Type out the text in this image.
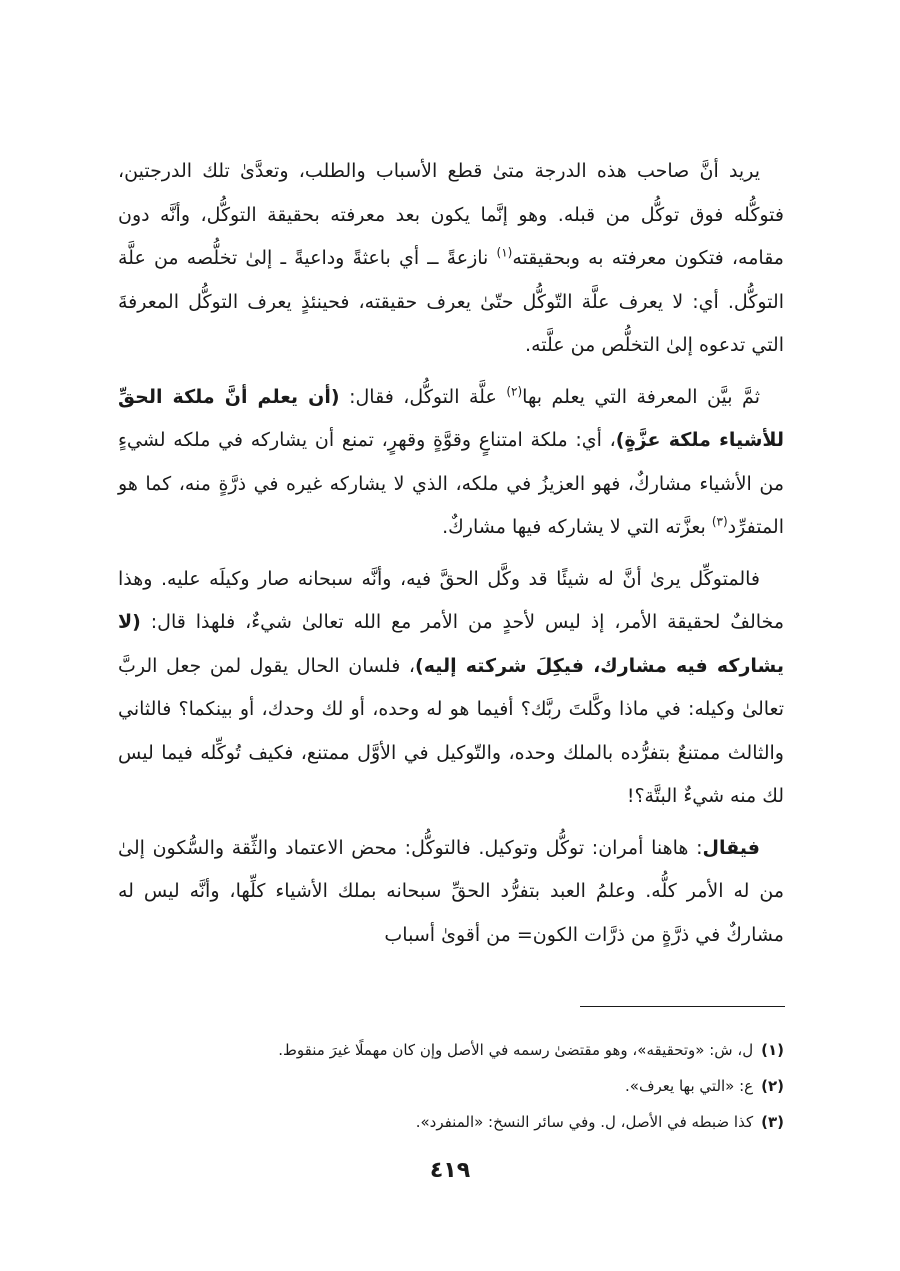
يريد أنَّ صاحب هذه الدرجة متىٰ قطع الأسباب والطلب، وتعدَّىٰ تلك الدرجتين، فتوكُّله فوق توكُّل من قبله. وهو إنَّما يكون بعد معرفته بحقيقة التوكُّل، وأنَّه دون مقامه، فتكون معرفته به وبحقيقته$^{(١)}$ نازعةً ــ أي باعثةً وداعيةً ـ إلىٰ تخلُّصه من علَّة التوكُّل. أي: لا يعرف علَّة التّوكُّل حتّىٰ يعرف حقيقته، فحينئذٍ يعرف التوكُّل المعرفةَ التي تدعوه إلىٰ التخلُّص من علَّته.

ثمَّ بيَّن المعرفة التي يعلم بها$^{(٢)}$ علَّة التوكُّل، فقال: (أن يعلم أنَّ ملكة الحقِّ للأشياء ملكة عزَّةٍ)، أي: ملكة امتناعٍ وقوَّةٍ وقهرٍ، تمنع أن يشاركه في ملكه لشيءٍ من الأشياء مشاركٌ، فهو العزيزُ في ملكه، الذي لا يشاركه غيره في ذرَّةٍ منه، كما هو المتفرِّد$^{(٣)}$ بعزَّته التي لا يشاركه فيها مشاركٌ.

فالمتوكِّل يرىٰ أنَّ له شيئًا قد وكَّل الحقَّ فيه، وأنَّه سبحانه صار وكيلَه عليه. وهذا مخالفٌ لحقيقة الأمر، إذ ليس لأحدٍ من الأمر مع الله تعالىٰ شيءٌ، فلهذا قال: (لا يشاركه فيه مشارك، فيكِلَ شركته إليه)، فلسان الحال يقول لمن جعل الربَّ تعالىٰ وكيله: في ماذا وكَّلتَ ربَّك؟ أفيما هو له وحده، أو لك وحدك، أو بينكما؟ فالثاني والثالث ممتنعٌ بتفرُّده بالملك وحده، والتّوكيل في الأوَّل ممتنع، فكيف تُوكِّله فيما ليس لك منه شيءٌ البتَّة؟!

فيقال: هاهنا أمران: توكُّل وتوكيل. فالتوكُّل: محض الاعتماد والثِّقة والسُّكون إلىٰ من له الأمر كلُّه. وعلمُ العبد بتفرُّد الحقِّ سبحانه بملك الأشياء كلِّها، وأنَّه ليس له مشاركٌ في ذرَّةٍ من ذرَّات الكون= من أقوىٰ أسباب

(١)ل، ش: «وتحقيقه»، وهو مقتضىٰ رسمه في الأصل وإن كان مهملًا غيرَ منقوط.
(٢)ع: «التي بها يعرف».
(٣)كذا ضبطه في الأصل، ل. وفي سائر النسخ: «المنفرد».
٤١٩
